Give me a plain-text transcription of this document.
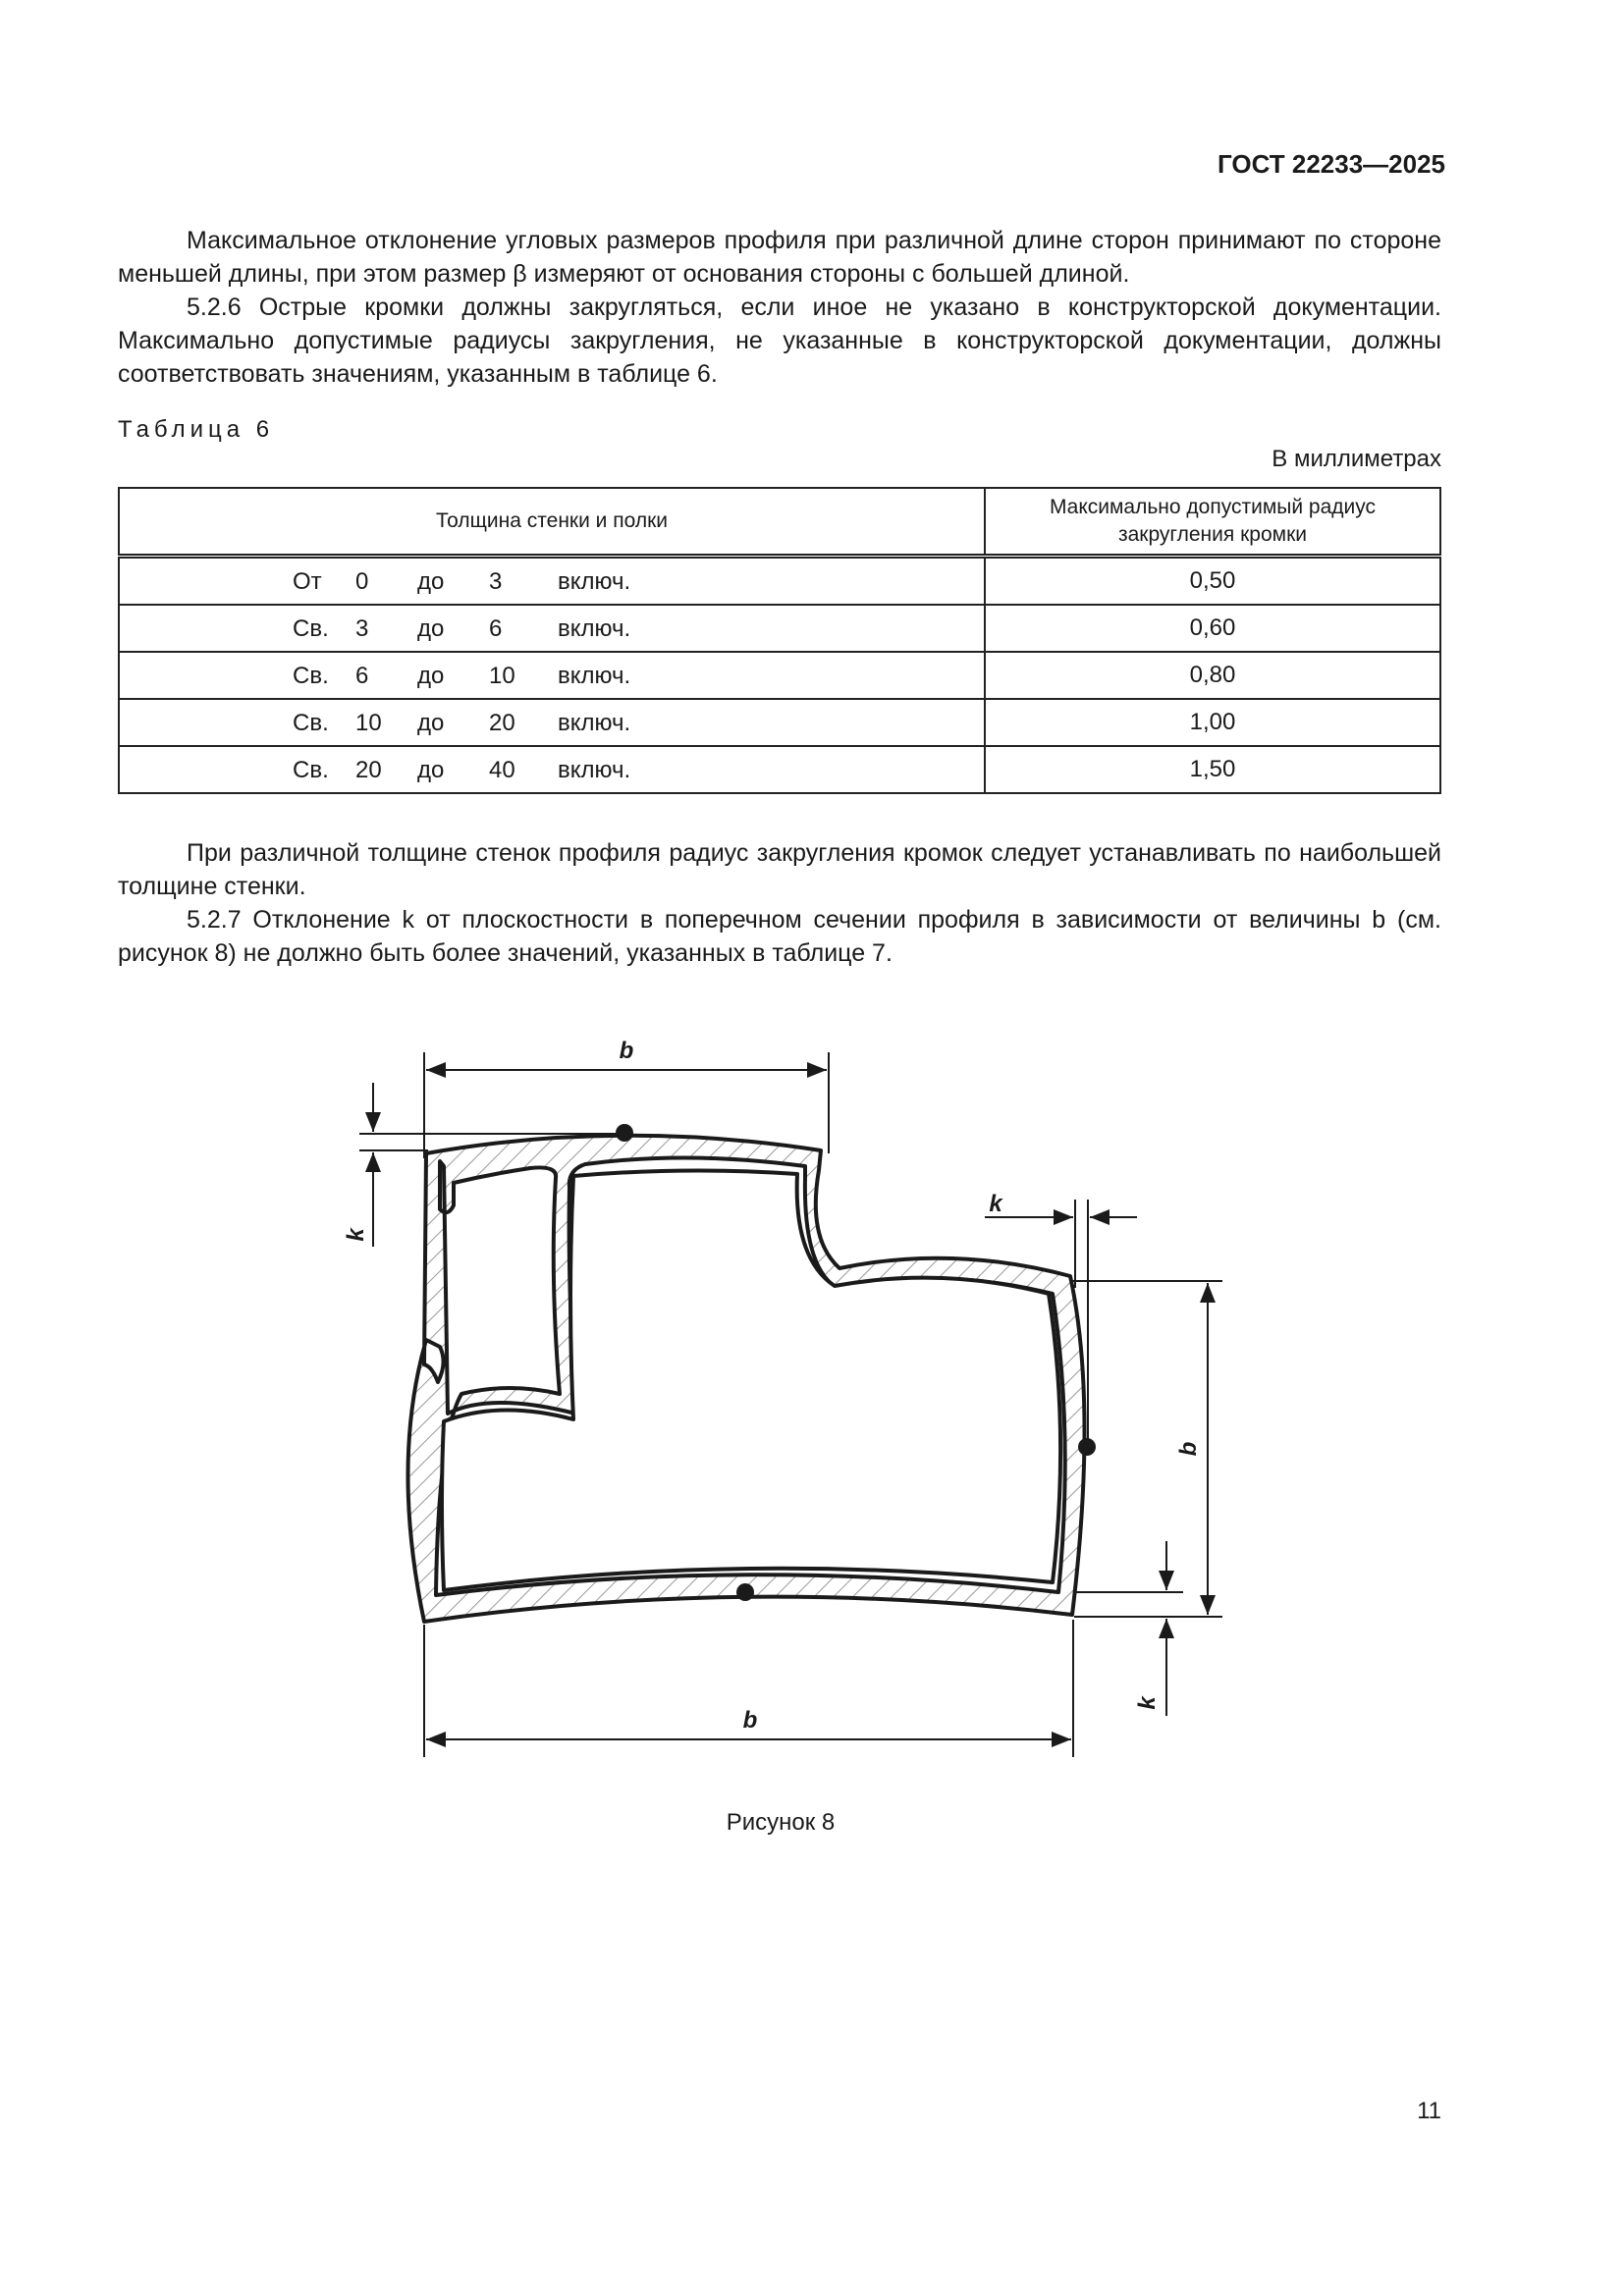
ГОСТ 22233—2025

Максимальное отклонение угловых размеров профиля при различной длине сторон принимают по стороне меньшей длины, при этом размер β измеряют от основания стороны с большей длиной.

5.2.6 Острые кромки должны закругляться, если иное не указано в конструкторской документации. Максимально допустимые радиусы закругления, не указанные в конструкторской документации, должны соответствовать значениям, указанным в таблице 6.

Таблица 6
В миллиметрах
Толщина стенки и полки	Максимально допустимый радиус закругления кромки

От 0 до 3 включ.	0,50

Св. 3 до 6 включ.	0,60

Св. 6 до 10 включ.	0,80

Св. 10 до 20 включ.	1,00

Св. 20 до 40 включ.	1,50

При различной толщине стенок профиля радиус закругления кромок следует устанавливать по наибольшей толщине стенки.

5.2.7 Отклонение k от плоскостности в поперечном сечении профиля в зависимости от величины b (см. рисунок 8) не должно быть более значений, указанных в таблице 7.

b
k
k
b
k
b
Рисунок 8
11
